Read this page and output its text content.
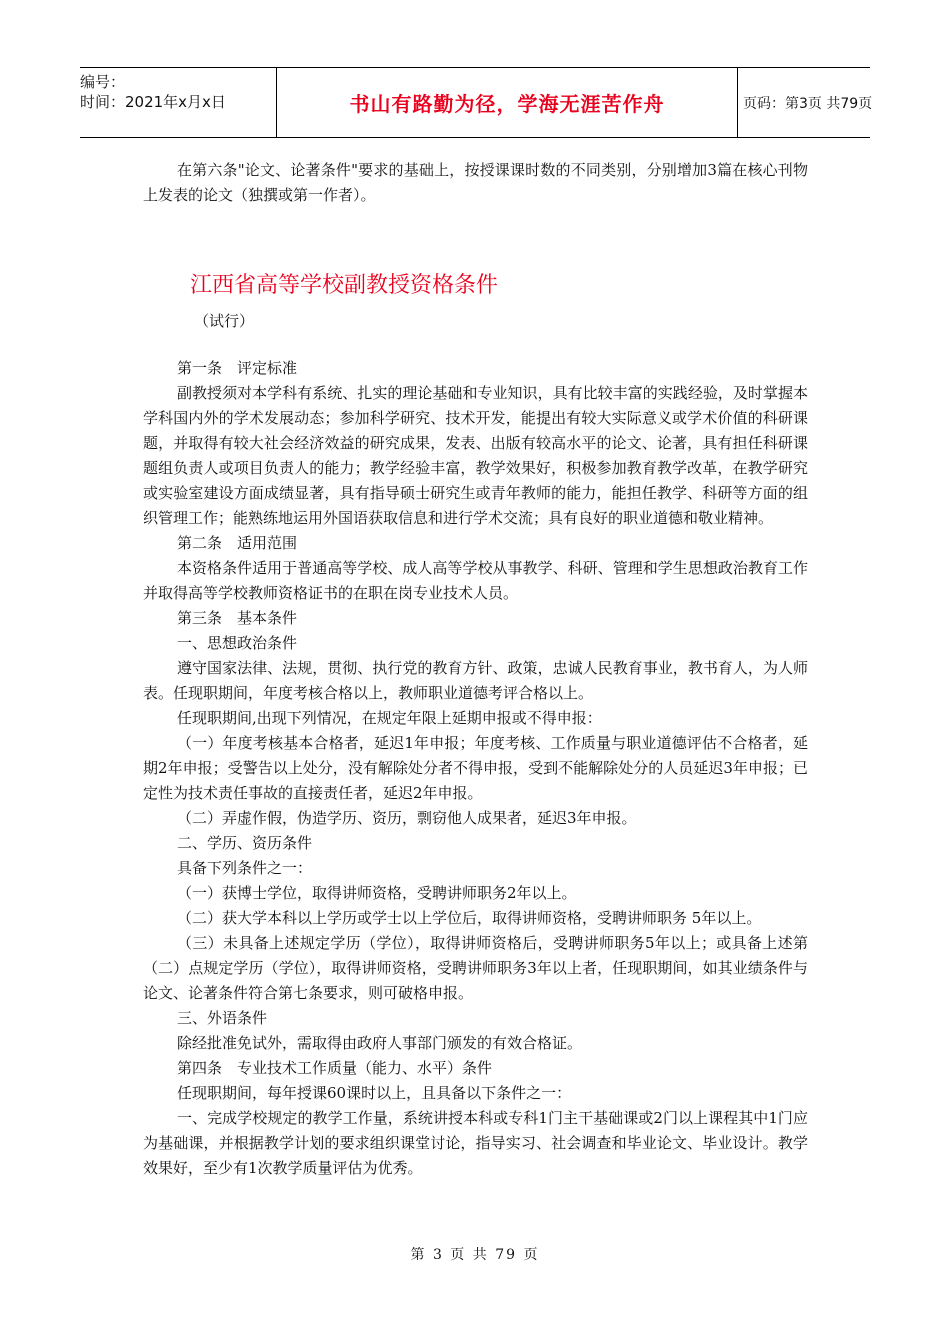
编号：
时间：2021年x月x日	书山有路勤为径，学海无涯苦作舟	页码：第3页 共79页

在第六条"论文、论著条件"要求的基础上，按授课课时数的不同类别，分别增加3篇在核心刊物上发表的论文（独撰或第一作者）。

江西省高等学校副教授资格条件
（试行）

第一条　评定标准

副教授须对本学科有系统、扎实的理论基础和专业知识，具有比较丰富的实践经验，及时掌握本学科国内外的学术发展动态；参加科学研究、技术开发，能提出有较大实际意义或学术价值的科研课题，并取得有较大社会经济效益的研究成果，发表、出版有较高水平的论文、论著，具有担任科研课题组负责人或项目负责人的能力；教学经验丰富，教学效果好，积极参加教育教学改革，在教学研究或实验室建设方面成绩显著，具有指导硕士研究生或青年教师的能力，能担任教学、科研等方面的组织管理工作；能熟练地运用外国语获取信息和进行学术交流；具有良好的职业道德和敬业精神。

第二条　适用范围

本资格条件适用于普通高等学校、成人高等学校从事教学、科研、管理和学生思想政治教育工作并取得高等学校教师资格证书的在职在岗专业技术人员。

第三条　基本条件

一、思想政治条件

遵守国家法律、法规，贯彻、执行党的教育方针、政策，忠诚人民教育事业，教书育人，为人师表。任现职期间，年度考核合格以上，教师职业道德考评合格以上。

任现职期间,出现下列情况，在规定年限上延期申报或不得申报：

（一）年度考核基本合格者，延迟1年申报；年度考核、工作质量与职业道德评估不合格者，延期2年申报；受警告以上处分，没有解除处分者不得申报，受到不能解除处分的人员延迟3年申报；已定性为技术责任事故的直接责任者，延迟2年申报。

（二）弄虚作假，伪造学历、资历，剽窃他人成果者，延迟3年申报。

二、学历、资历条件

具备下列条件之一：

（一）获博士学位，取得讲师资格，受聘讲师职务2年以上。

（二）获大学本科以上学历或学士以上学位后，取得讲师资格，受聘讲师职务 5年以上。

（三）未具备上述规定学历（学位），取得讲师资格后，受聘讲师职务5年以上；或具备上述第（二）点规定学历（学位），取得讲师资格，受聘讲师职务3年以上者，任现职期间，如其业绩条件与论文、论著条件符合第七条要求，则可破格申报。

三、外语条件

除经批准免试外，需取得由政府人事部门颁发的有效合格证。

第四条　专业技术工作质量（能力、水平）条件

任现职期间，每年授课60课时以上，且具备以下条件之一：

一、完成学校规定的教学工作量，系统讲授本科或专科1门主干基础课或2门以上课程其中1门应为基础课，并根据教学计划的要求组织课堂讨论，指导实习、社会调查和毕业论文、毕业设计。教学效果好，至少有1次教学质量评估为优秀。

第 3 页 共 79 页
